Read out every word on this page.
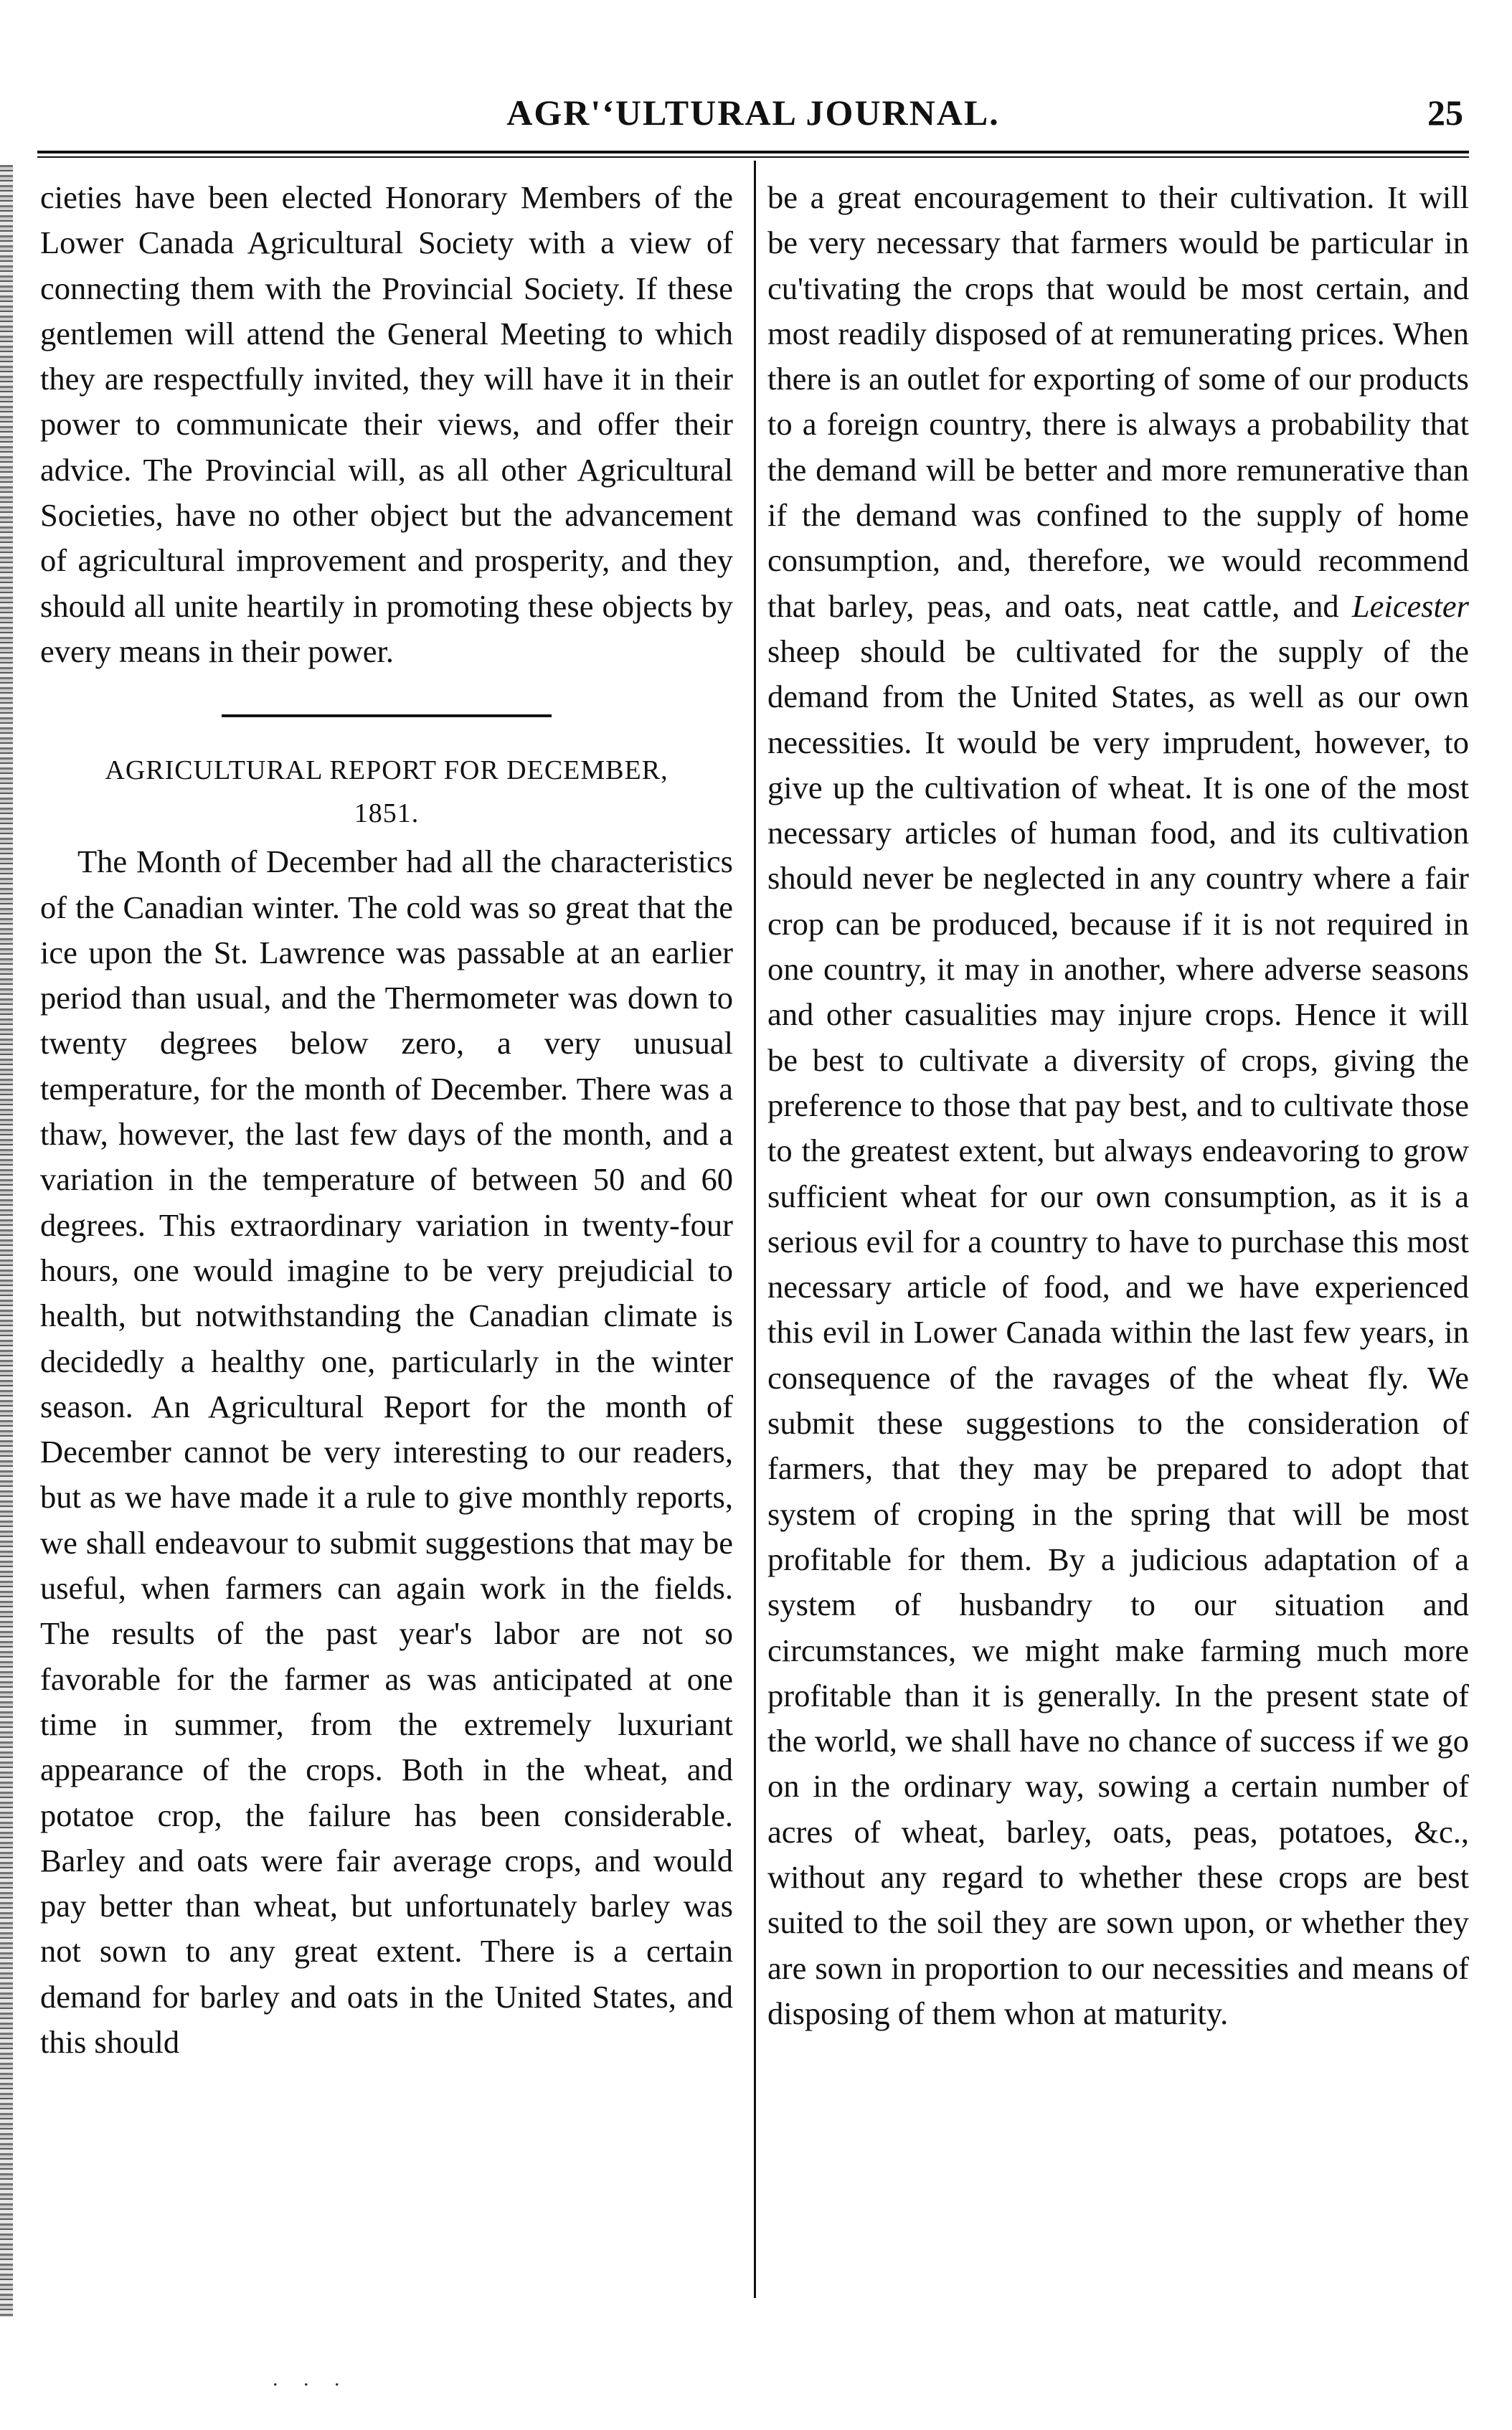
AGR'‘ULTURAL JOURNAL.	25

cieties have been elected Honorary Members of the Lower Canada Agricultural Society with a view of connecting them with the Provincial Society. If these gentlemen will attend the General Meeting to which they are respectfully invited, they will have it in their power to communicate their views, and offer their advice. The Provincial will, as all other Agricultural Societies, have no other object but the advancement of agricultural improvement and prosperity, and they should all unite heartily in promoting these objects by every means in their power.

AGRICULTURAL REPORT FOR DECEMBER,
1851.

The Month of December had all the characteristics of the Canadian winter. The cold was so great that the ice upon the St. Lawrence was passable at an earlier period than usual, and the Thermometer was down to twenty degrees below zero, a very unusual temperature, for the month of December. There was a thaw, however, the last few days of the month, and a variation in the temperature of between 50 and 60 degrees. This extraordinary variation in twenty-four hours, one would imagine to be very prejudicial to health, but notwithstanding the Canadian climate is decidedly a healthy one, particularly in the winter season. An Agricultural Report for the month of December cannot be very interesting to our readers, but as we have made it a rule to give monthly reports, we shall endeavour to submit suggestions that may be useful, when farmers can again work in the fields. The results of the past year's labor are not so favorable for the farmer as was anticipated at one time in summer, from the extremely luxuriant appearance of the crops. Both in the wheat, and potatoe crop, the failure has been considerable. Barley and oats were fair average crops, and would pay better than wheat, but unfortunately barley was not sown to any great extent. There is a certain demand for barley and oats in the United States, and this should

be a great encouragement to their cultivation. It will be very necessary that farmers would be particular in cu'tivating the crops that would be most certain, and most readily disposed of at remunerating prices. When there is an outlet for exporting of some of our products to a foreign country, there is always a probability that the demand will be better and more remunerative than if the demand was confined to the supply of home consumption, and, therefore, we would recommend that barley, peas, and oats, neat cattle, and Leicester sheep should be cultivated for the supply of the demand from the United States, as well as our own necessities. It would be very imprudent, however, to give up the cultivation of wheat. It is one of the most necessary articles of human food, and its cultivation should never be neglected in any country where a fair crop can be produced, because if it is not required in one country, it may in another, where adverse seasons and other casualities may injure crops. Hence it will be best to cultivate a diversity of crops, giving the preference to those that pay best, and to cultivate those to the greatest extent, but always endeavoring to grow sufficient wheat for our own consumption, as it is a serious evil for a country to have to purchase this most necessary article of food, and we have experienced this evil in Lower Canada within the last few years, in consequence of the ravages of the wheat fly. We submit these suggestions to the consideration of farmers, that they may be prepared to adopt that system of croping in the spring that will be most profitable for them. By a judicious adaptation of a system of husbandry to our situation and circumstances, we might make farming much more profitable than it is generally. In the present state of the world, we shall have no chance of success if we go on in the ordinary way, sowing a certain number of acres of wheat, barley, oats, peas, potatoes, &c., without any regard to whether these crops are best suited to the soil they are sown upon, or whether they are sown in proportion to our necessities and means of disposing of them whon at maturity.

. . .
